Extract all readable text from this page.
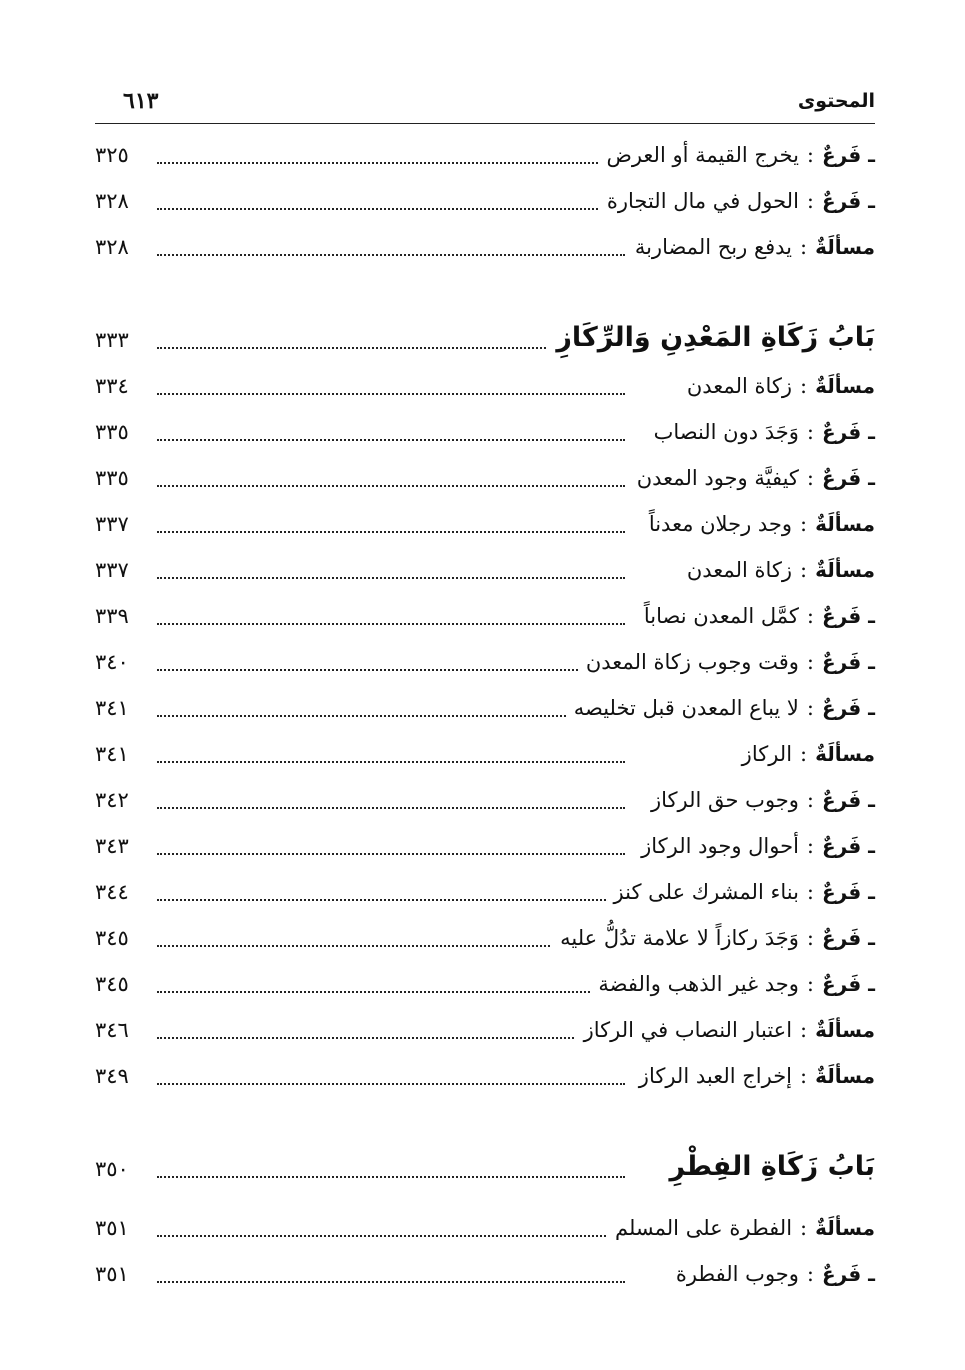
المحتوى
٦١٣
ـ فَرعٌ:يخرج القيمة أو العرض
٣٢٥
ـ فَرعٌ:الحول في مال التجارة
٣٢٨
مسألَةٌ:يدفع ربح المضاربة
٣٢٨
بَابُ زَكَاةِ المَعْدِنِ وَالرِّكَازِ
٣٣٣
مسألَةٌ:زكاة المعدن
٣٣٤
ـ فَرعٌ:وَجَدَ دون النصاب
٣٣٥
ـ فَرعٌ:كيفيَّة وجود المعدن
٣٣٥
مسألَةٌ:وجد رجلان معدناً
٣٣٧
مسألَةٌ:زكاة المعدن
٣٣٧
ـ فَرعٌ:كمَّل المعدن نصاباً
٣٣٩
ـ فَرعٌ:وقت وجوب زكاة المعدن
٣٤٠
ـ فَرعٌ:لا يباع المعدن قبل تخليصه
٣٤١
مسألَةٌ:الركاز
٣٤١
ـ فَرعٌ:وجوب حق الركاز
٣٤٢
ـ فَرعٌ:أحوال وجود الركاز
٣٤٣
ـ فَرعٌ:بناء المشرك على كنز
٣٤٤
ـ فَرعٌ:وَجَدَ ركازاً لا علامة تدُلُّ عليه
٣٤٥
ـ فَرعٌ:وجد غير الذهب والفضة
٣٤٥
مسألَةٌ:اعتبار النصاب في الركاز
٣٤٦
مسألَةٌ:إخراج العبد الركاز
٣٤٩
بَابُ زَكَاةِ الفِطْرِ
٣٥٠
مسألَةٌ:الفطرة على المسلم
٣٥١
ـ فَرعٌ:وجوب الفطرة
٣٥١
